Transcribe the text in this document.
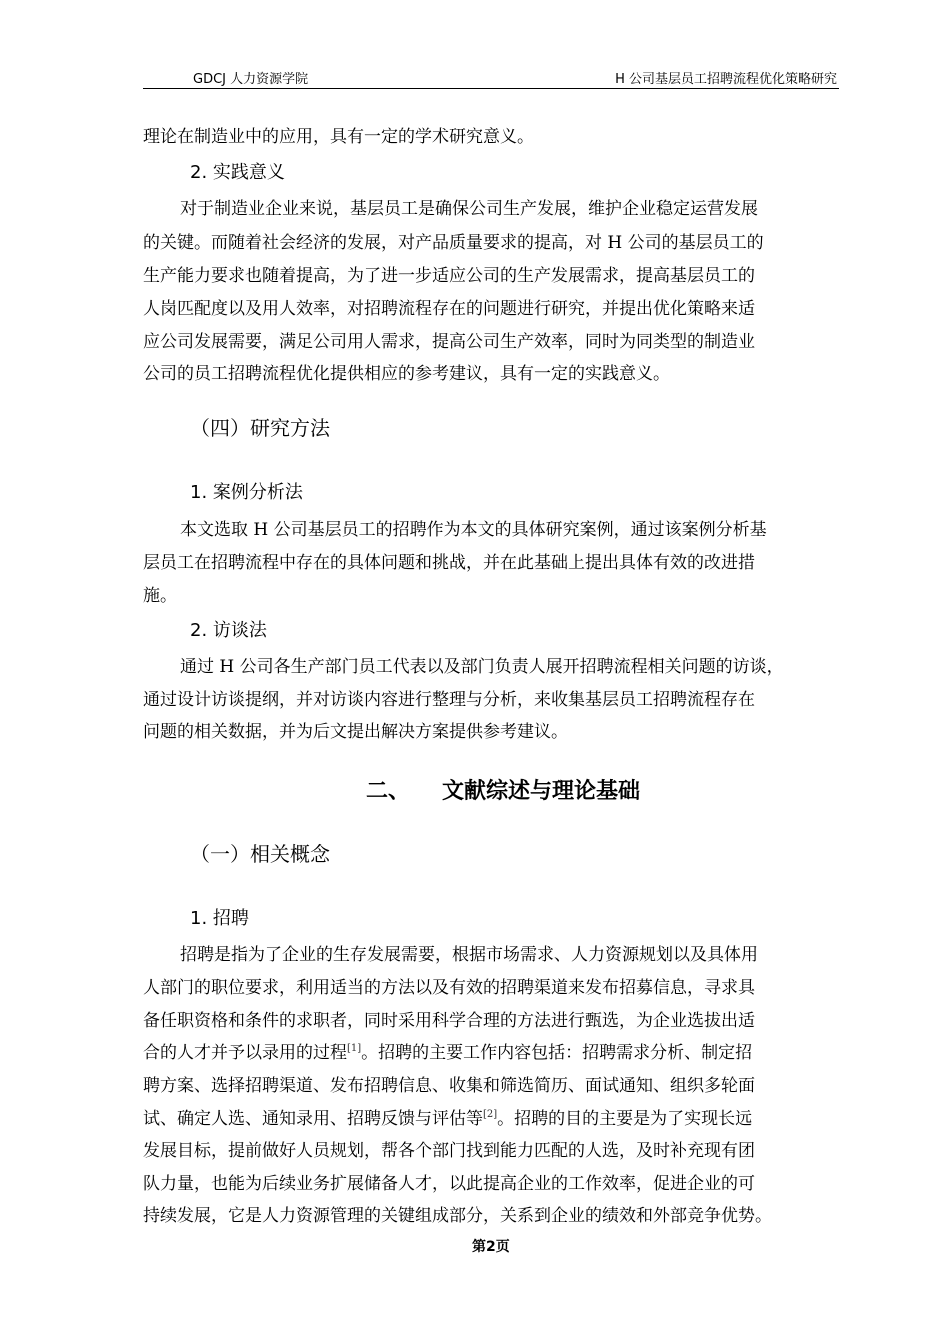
GDCJ 人力资源学院	H 公司基层员工招聘流程优化策略研究
理论在制造业中的应用，具有一定的学术研究意义。
2. 实践意义
对于制造业企业来说，基层员工是确保公司生产发展，维护企业稳定运营发展
的关键。而随着社会经济的发展，对产品质量要求的提高，对 H 公司的基层员工的
生产能力要求也随着提高，为了进一步适应公司的生产发展需求，提高基层员工的
人岗匹配度以及用人效率，对招聘流程存在的问题进行研究，并提出优化策略来适
应公司发展需要，满足公司用人需求，提高公司生产效率，同时为同类型的制造业
公司的员工招聘流程优化提供相应的参考建议，具有一定的实践意义。
（四）研究方法
1. 案例分析法
本文选取 H 公司基层员工的招聘作为本文的具体研究案例，通过该案例分析基
层员工在招聘流程中存在的具体问题和挑战，并在此基础上提出具体有效的改进措
施。
2. 访谈法
通过 H 公司各生产部门员工代表以及部门负责人展开招聘流程相关问题的访谈，
通过设计访谈提纲，并对访谈内容进行整理与分析，来收集基层员工招聘流程存在
问题的相关数据，并为后文提出解决方案提供参考建议。
二、 文献综述与理论基础
（一）相关概念
1. 招聘
招聘是指为了企业的生存发展需要，根据市场需求、人力资源规划以及具体用
人部门的职位要求，利用适当的方法以及有效的招聘渠道来发布招募信息，寻求具
备任职资格和条件的求职者，同时采用科学合理的方法进行甄选，为企业选拔出适
合的人才并予以录用的过程[1]。招聘的主要工作内容包括：招聘需求分析、制定招
聘方案、选择招聘渠道、发布招聘信息、收集和筛选简历、面试通知、组织多轮面
试、确定人选、通知录用、招聘反馈与评估等[2]。招聘的目的主要是为了实现长远
发展目标，提前做好人员规划，帮各个部门找到能力匹配的人选，及时补充现有团
队力量，也能为后续业务扩展储备人才，以此提高企业的工作效率，促进企业的可
持续发展，它是人力资源管理的关键组成部分，关系到企业的绩效和外部竞争优势。
第2页
